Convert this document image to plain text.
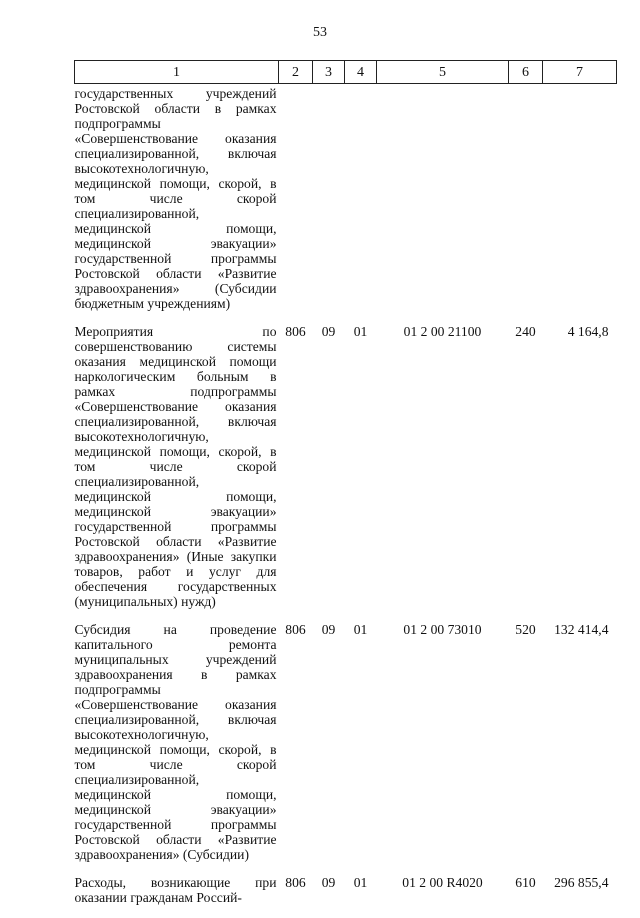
53
1	2	3	4	5	6	7
государственных учреждений Ростовской области в рамках подпрограммы «Совершенствование оказания специализированной, включая высокотехнологичную, медицинской помощи, скорой, в том числе скорой специализированной, медицинской помощи, медицинской эвакуации» государственной программы Ростовской области «Развитие здравоохранения» (Субсидии бюджетным учреждениям)						
Мероприятия по совершенствованию системы оказания медицинской помощи наркологическим больным в рамках подпрограммы «Совершенствование оказания специализированной, включая высокотехнологичную, медицинской помощи, скорой, в том числе скорой специализированной, медицинской помощи, медицинской эвакуации» государственной программы Ростовской области «Развитие здравоохранения» (Иные закупки товаров, работ и услуг для обеспечения государственных (муниципальных) нужд)	806	09	01	01 2 00 21100	240	4 164,8
Субсидия на проведение капитального ремонта муниципальных учреждений здравоохранения в рамках подпрограммы «Совершенствование оказания специализированной, включая высокотехнологичную, медицинской помощи, скорой, в том числе скорой специализированной, медицинской помощи, медицинской эвакуации» государственной программы Ростовской области «Развитие здравоохранения» (Субсидии)	806	09	01	01 2 00 73010	520	132 414,4
Расходы, возникающие при оказании гражданам Россий-	806	09	01	01 2 00 R4020	610	296 855,4
